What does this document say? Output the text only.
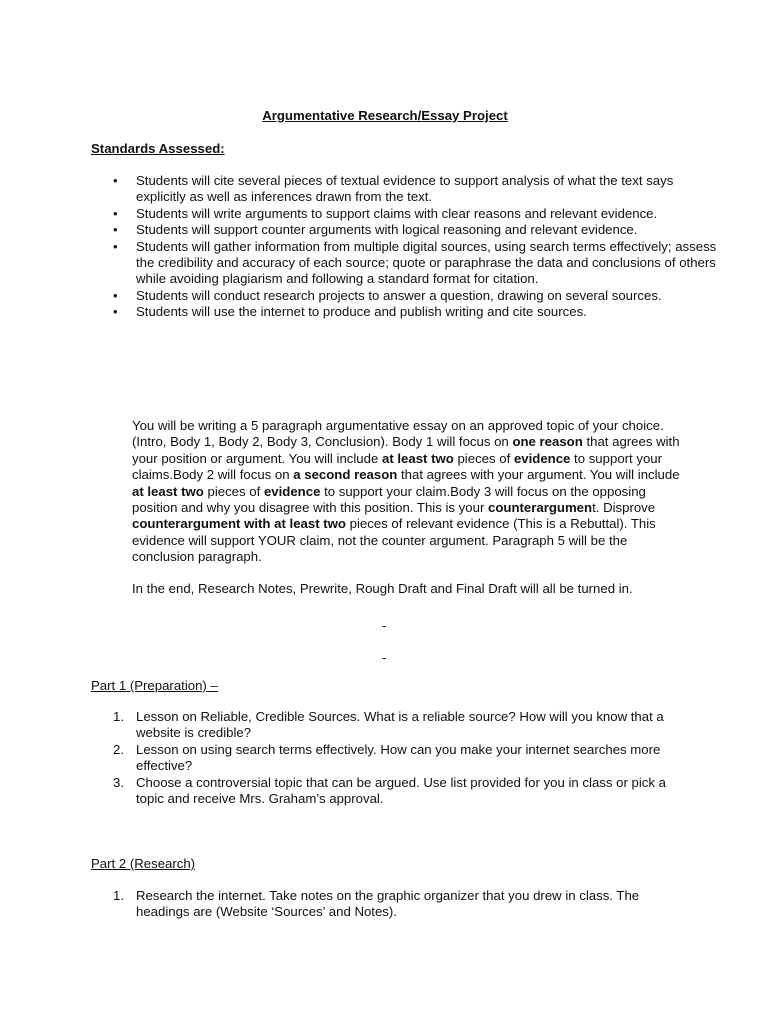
Argumentative Research/Essay Project
Standards Assessed:
• Students will cite several pieces of textual evidence to support analysis of what the text says explicitly as well as inferences drawn from the text.
• Students will write arguments to support claims with clear reasons and relevant evidence.
• Students will support counter arguments with logical reasoning and relevant evidence.
• Students will gather information from multiple digital sources, using search terms effectively; assess the credibility and accuracy of each source; quote or paraphrase the data and conclusions of others while avoiding plagiarism and following a standard format for citation.
• Students will conduct research projects to answer a question, drawing on several sources.
• Students will use the internet to produce and publish writing and cite sources.

You will be writing a 5 paragraph argumentative essay on an approved topic of your choice. (Intro, Body 1, Body 2, Body 3, Conclusion). Body 1 will focus on one reason that agrees with your position or argument. You will include at least two pieces of evidence to support your claims.Body 2 will focus on a second reason that agrees with your argument. You will include at least two pieces of evidence to support your claim.Body 3 will focus on the opposing position and why you disagree with this position. This is your counterargument. Disprove counterargument with at least two pieces of relevant evidence (This is a Rebuttal). This evidence will support YOUR claim, not the counter argument. Paragraph 5 will be the conclusion paragraph.

In the end, Research Notes, Prewrite, Rough Draft and Final Draft will all be turned in.

-
-
Part 1 (Preparation) –
1. Lesson on Reliable, Credible Sources. What is a reliable source? How will you know that a website is credible?
2. Lesson on using search terms effectively. How can you make your internet searches more effective?
3. Choose a controversial topic that can be argued. Use list provided for you in class or pick a topic and receive Mrs. Graham’s approval.
Part 2 (Research)
1. Research the internet. Take notes on the graphic organizer that you drew in class. The headings are (Website ‘Sources’ and Notes).
